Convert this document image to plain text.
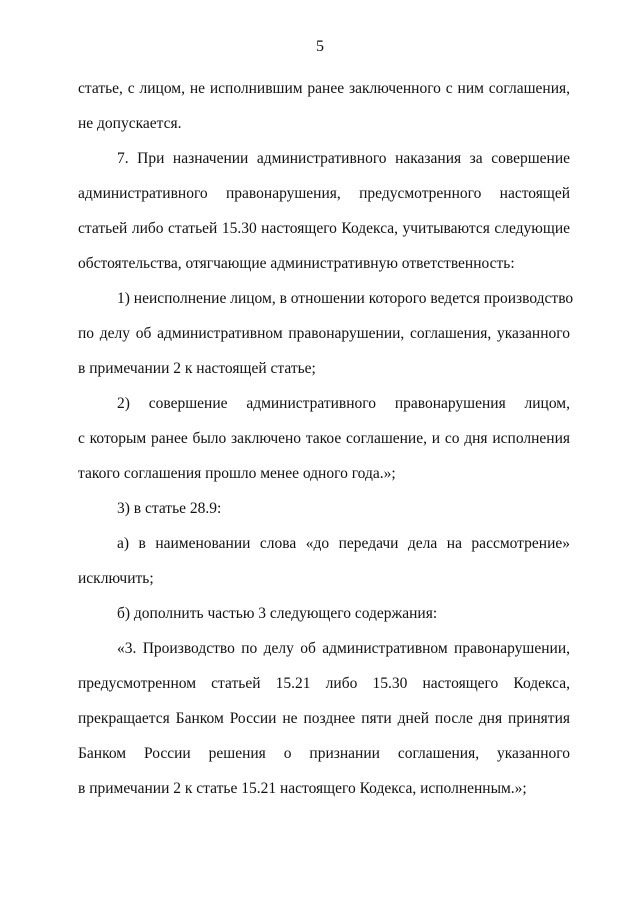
5
статье, с лицом, не исполнившим ранее заключенного с ним соглашения,
не допускается.
7. При назначении административного наказания за совершение
административного правонарушения, предусмотренного настоящей
статьей либо статьей 15.30 настоящего Кодекса, учитываются следующие
обстоятельства, отягчающие административную ответственность:
1) неисполнение лицом, в отношении которого ведется производство
по делу об административном правонарушении, соглашения, указанного
в примечании 2 к настоящей статье;
2) совершение административного правонарушения лицом,
с которым ранее было заключено такое соглашение, и со дня исполнения
такого соглашения прошло менее одного года.»;
3) в статье 28.9:
а) в наименовании слова «до передачи дела на рассмотрение»
исключить;
б) дополнить частью 3 следующего содержания:
«3. Производство по делу об административном правонарушении,
предусмотренном статьей 15.21 либо 15.30 настоящего Кодекса,
прекращается Банком России не позднее пяти дней после дня принятия
Банком России решения о признании соглашения, указанного
в примечании 2 к статье 15.21 настоящего Кодекса, исполненным.»;
